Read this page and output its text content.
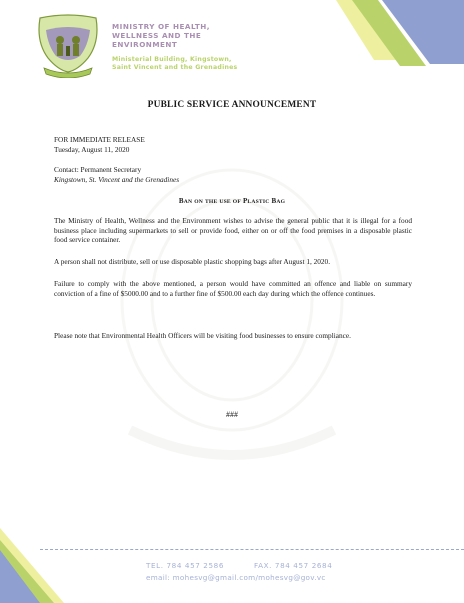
MINISTRY OF HEALTH,
WELLNESS AND THE
ENVIRONMENT
Ministerial Building, Kingstown,
Saint Vincent and the Grenadines
PUBLIC SERVICE ANNOUNCEMENT
FOR IMMEDIATE RELEASE
Tuesday, August 11, 2020
Contact: Permanent Secretary
Kingstown, St. Vincent and the Grenadines
BAN ON THE USE OF PLASTIC BAG
The Ministry of Health, Wellness and the Environment wishes to advise the general public that it is illegal for a food business place including supermarkets to sell or provide food, either on or off the food premises in a disposable plastic food service container.
A person shall not distribute, sell or use disposable plastic shopping bags after August 1, 2020.
Failure to comply with the above mentioned, a person would have committed an offence and liable on summary conviction of a fine of $5000.00 and to a further fine of $500.00 each day during which the offence continues.
Please note that Environmental Health Officers will be visiting food businesses to ensure compliance.
###
TEL. 784 457 2586	FAX. 784 457 2684
email: mohesvg@gmail.com/mohesvg@gov.vc
